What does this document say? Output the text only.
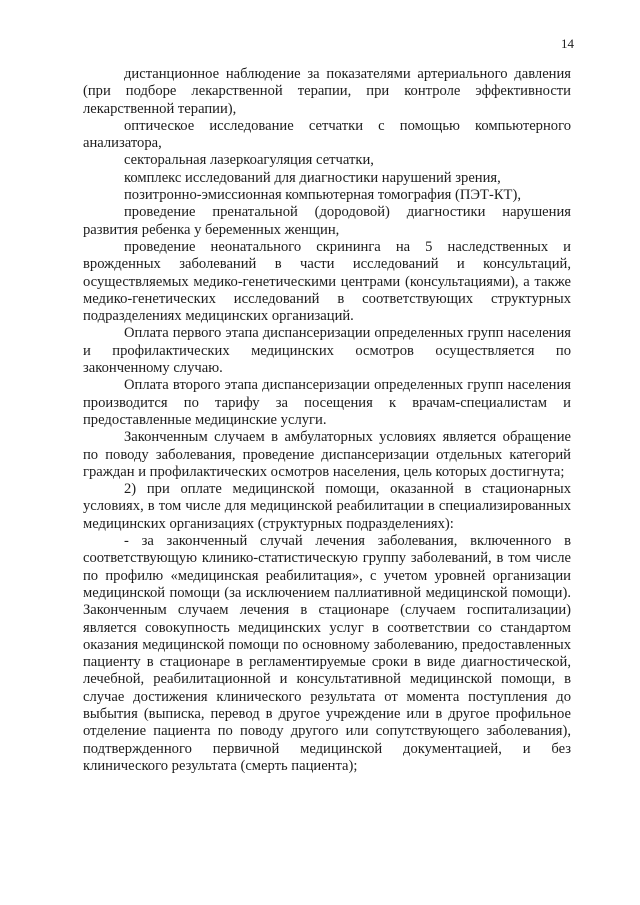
14

дистанционное наблюдение за показателями артериального давления (при подборе лекарственной терапии, при контроле эффективности лекарственной терапии),

оптическое исследование сетчатки с помощью компьютерного анализатора,

секторальная лазеркоагуляция сетчатки,

комплекс исследований для диагностики нарушений зрения,

позитронно-эмиссионная компьютерная томография (ПЭТ-КТ),

проведение пренатальной (дородовой) диагностики нарушения развития ребенка у беременных женщин,

проведение неонатального скрининга на 5 наследственных и врожденных заболеваний в части исследований и консультаций, осуществляемых медико-генетическими центрами (консультациями), а также медико-генетических исследований в соответствующих структурных подразделениях медицинских организаций.

Оплата первого этапа диспансеризации определенных групп населения и профилактических медицинских осмотров осуществляется по законченному случаю.

Оплата второго этапа диспансеризации определенных групп населения производится по тарифу за посещения к врачам-специалистам и предоставленные медицинские услуги.

Законченным случаем в амбулаторных условиях является обращение по поводу заболевания, проведение диспансеризации отдельных категорий граждан и профилактических осмотров населения, цель которых достигнута;

2) при оплате медицинской помощи, оказанной в стационарных условиях, в том числе для медицинской реабилитации в специализированных медицинских организациях (структурных подразделениях):

- за законченный случай лечения заболевания, включенного в соответствующую клинико-статистическую группу заболеваний, в том числе по профилю «медицинская реабилитация», с учетом уровней организации медицинской помощи (за исключением паллиативной медицинской помощи). Законченным случаем лечения в стационаре (случаем госпитализации) является совокупность медицинских услуг в соответствии со стандартом оказания медицинской помощи по основному заболеванию, предоставленных пациенту в стационаре в регламентируемые сроки в виде диагностической, лечебной, реабилитационной и консультативной медицинской помощи, в случае достижения клинического результата от момента поступления до выбытия (выписка, перевод в другое учреждение или в другое профильное отделение пациента по поводу другого или сопутствующего заболевания), подтвержденного первичной медицинской документацией, и без клинического результата (смерть пациента);
